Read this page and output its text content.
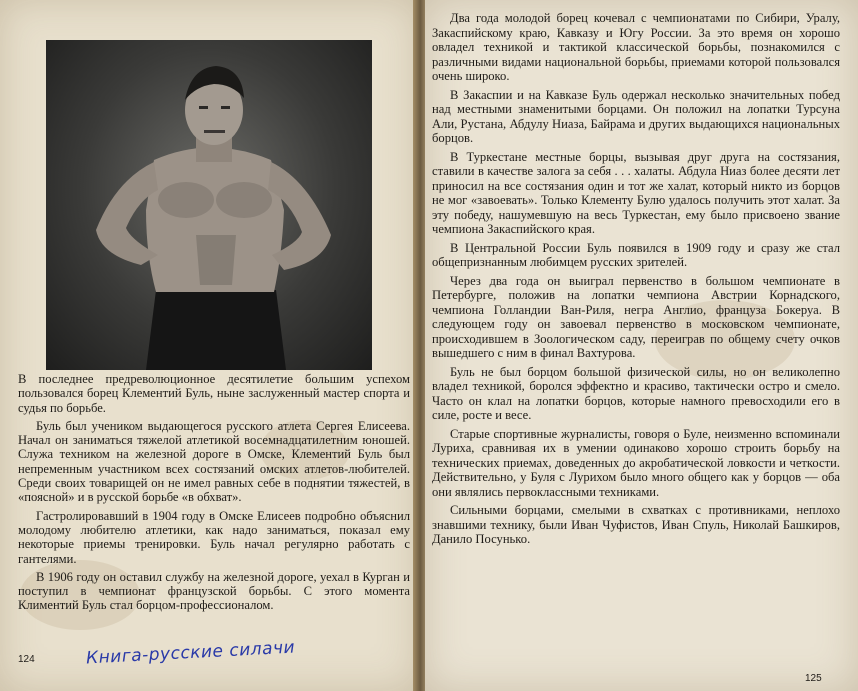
В последнее предреволюционное десятилетие большим успехом пользовался борец Клементий Буль, ныне заслуженный мастер спорта и судья по борьбе.

Буль был учеником выдающегося русского атлета Сергея Елисеева. Начал он заниматься тяжелой атлетикой восемнадцатилетним юношей. Служа техником на железной дороге в Омске, Клементий Буль был непременным участником всех состязаний омских атлетов-любителей. Среди своих товарищей он не имел равных себе в поднятии тяжестей, в «поясной» и в русской борьбе «в обхват».

Гастролировавший в 1904 году в Омске Елисеев подробно объяснил молодому любителю атлетики, как надо заниматься, показал ему некоторые приемы тренировки. Буль начал регулярно работать с гантелями.

В 1906 году он оставил службу на железной дороге, уехал в Курган и поступил в чемпионат французской борьбы. С этого момента Климентий Буль стал борцом-профессионалом.

124	Книга-русские силачи

Два года молодой борец кочевал с чемпионатами по Сибири, Уралу, Закаспийскому краю, Кавказу и Югу России. За это время он хорошо овладел техникой и тактикой классической борьбы, познакомился с различными видами национальной борьбы, приемами которой пользовался очень широко.

В Закаспии и на Кавказе Буль одержал несколько значительных побед над местными знаменитыми борцами. Он положил на лопатки Турсуна Али, Рустана, Абдулу Ниаза, Байрама и других выдающихся национальных борцов.

В Туркестане местные борцы, вызывая друг друга на состязания, ставили в качестве залога за себя . . . халаты. Абдула Ниаз более десяти лет приносил на все состязания один и тот же халат, который никто из борцов не мог «завоевать». Только Клементу Булю удалось получить этот халат. За эту победу, нашумевшую на весь Туркестан, ему было присвоено звание чемпиона Закаспийского края.

В Центральной России Буль появился в 1909 году и сразу же стал общепризнанным любимцем русских зрителей.

Через два года он выиграл первенство в большом чемпионате в Петербурге, положив на лопатки чемпиона Австрии Корнадского, чемпиона Голландии Ван-Риля, негра Англио, француза Бокеруа. В следующем году он завоевал первенство в московском чемпионате, происходившем в Зоологическом саду, переиграв по общему счету очков вышедшего с ним в финал Вахтурова.

Буль не был борцом большой физической силы, но он великолепно владел техникой, боролся эффектно и красиво, тактически остро и смело. Часто он клал на лопатки борцов, которые намного превосходили его в силе, росте и весе.

Старые спортивные журналисты, говоря о Буле, неизменно вспоминали Луриха, сравнивая их в умении одинаково хорошо строить борьбу на технических приемах, доведенных до акробатической ловкости и четкости. Действительно, у Буля с Лурихом было много общего как у борцов — оба они являлись первоклассными техниками.

Сильными борцами, смелыми в схватках с противниками, неплохо знавшими технику, были Иван Чуфистов, Иван Спуль, Николай Башкиров, Данило Посунько.

125
